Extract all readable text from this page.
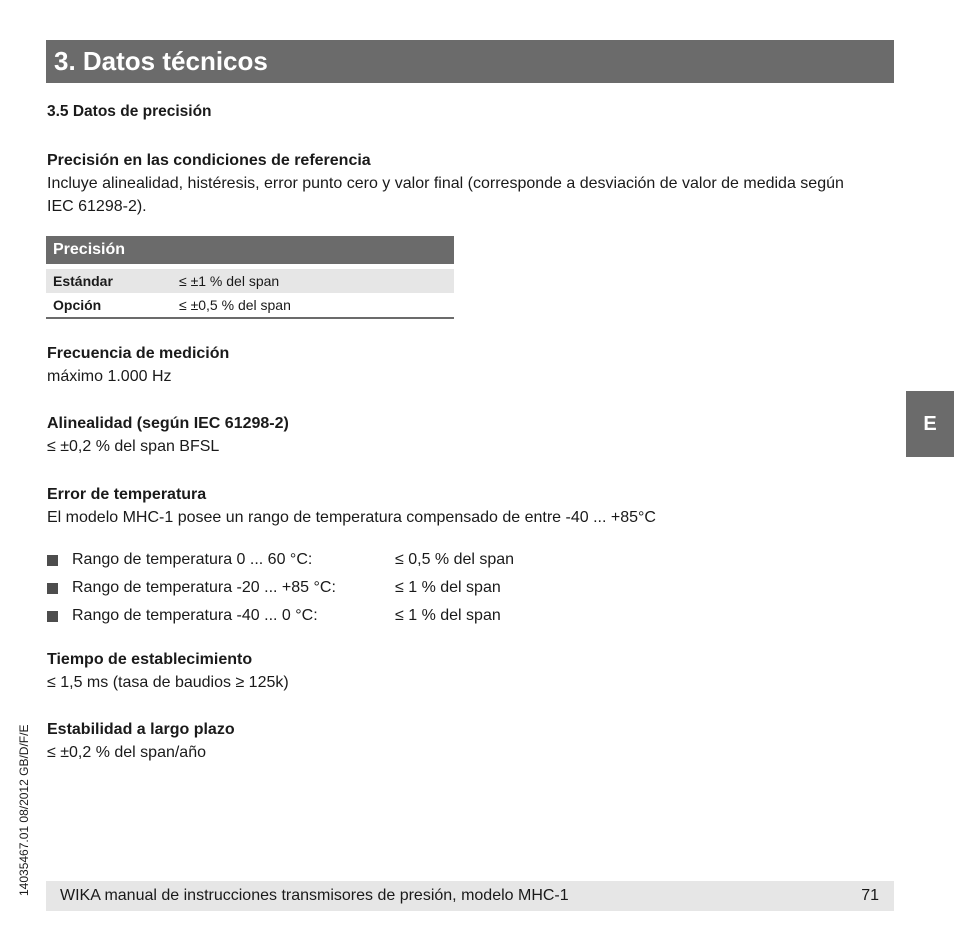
3. Datos técnicos
3.5 Datos de precisión
Precisión en las condiciones de referencia
Incluye alinealidad, histéresis, error punto cero y valor final (corresponde a desviación de valor de medida según IEC 61298-2).
Precisión
Estándar	≤ ±1 % del span
Opción	≤ ±0,5 % del span
Frecuencia de medición
máximo 1.000 Hz
Alinealidad (según IEC 61298-2)
≤ ±0,2 % del span BFSL
Error de temperatura
El modelo MHC-1 posee un rango de temperatura compensado de entre -40 ... +85°C
Rango de temperatura 0 ... 60 °C:	≤ 0,5 % del span
Rango de temperatura -20 ... +85 °C:	≤ 1 % del span
Rango de temperatura -40 ... 0 °C:	≤ 1 % del span
Tiempo de establecimiento
≤ 1,5 ms (tasa de baudios ≥ 125k)
Estabilidad a largo plazo
≤ ±0,2 % del span/año
E
14035467.01 08/2012 GB/D/F/E WIKA manual de instrucciones transmisores de presión, modelo MHC-1	71
